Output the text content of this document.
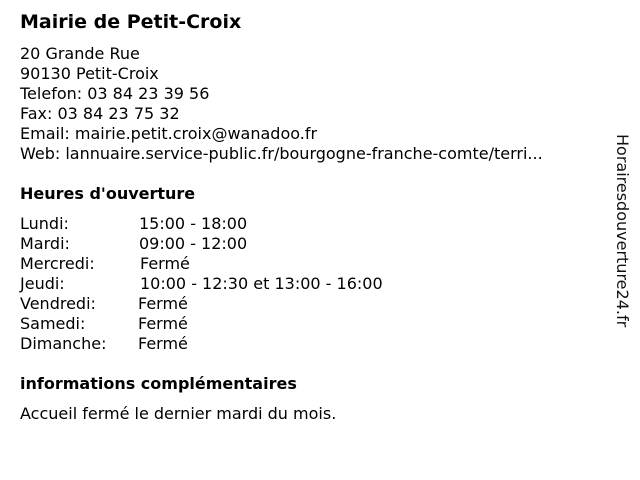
Mairie de Petit-Croix
20 Grande Rue
90130 Petit-Croix
Telefon: 03 84 23 39 56
Fax: 03 84 23 75 32
Email: mairie.petit.croix@wanadoo.fr
Web: lannuaire.service-public.fr/bourgogne-franche-comte/terri...
Heures d'ouverture
Lundi:	15:00 - 18:00
Mardi:	09:00 - 12:00
Mercredi:	Fermé
Jeudi:	10:00 - 12:30 et 13:00 - 16:00
Vendredi:	Fermé
Samedi:	Fermé
Dimanche: Fermé
informations complémentaires
Accueil fermé le dernier mardi du mois.
Horairesdouverture24.fr
